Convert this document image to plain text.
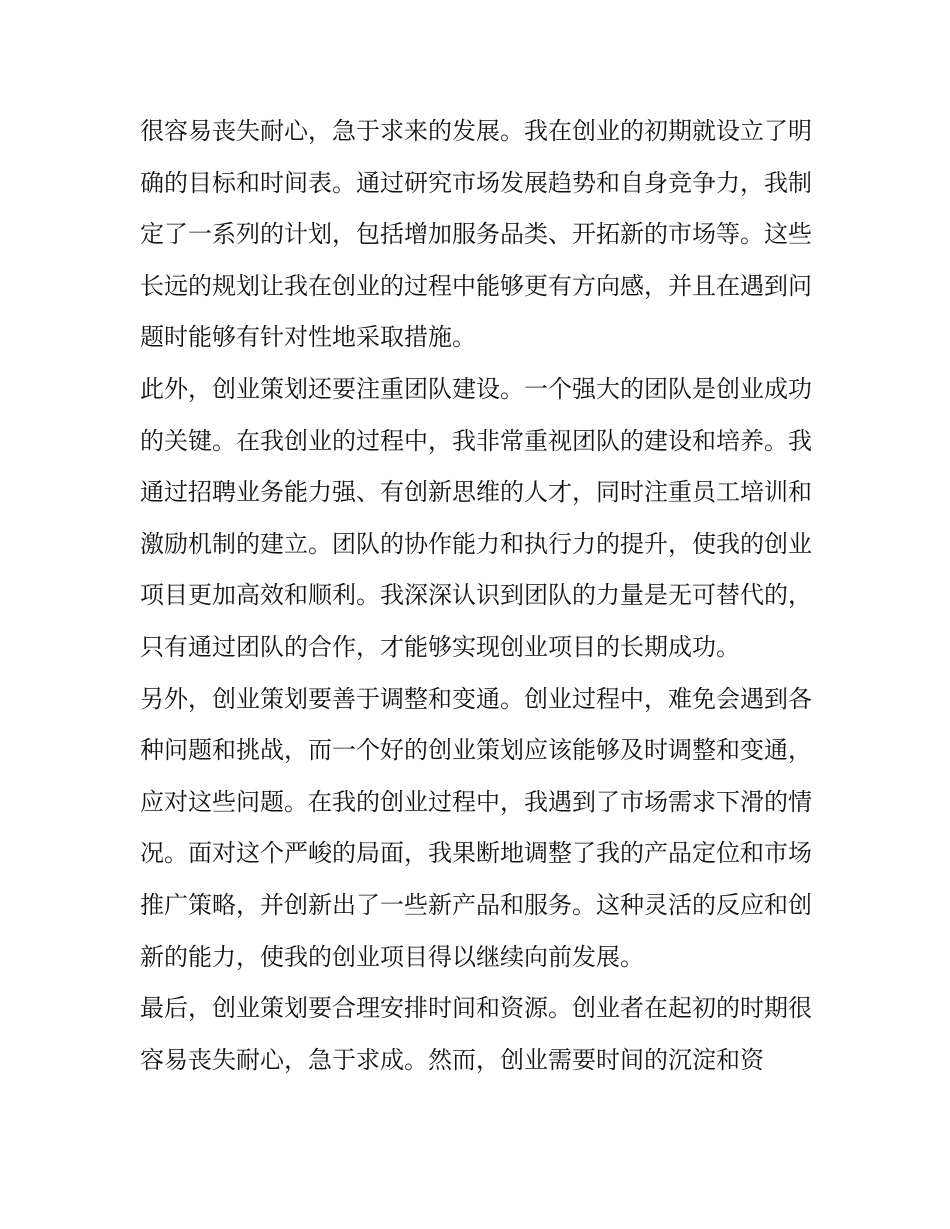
很容易丧失耐心，急于求来的发展。我在创业的初期就设立了明确的目标和时间表。通过研究市场发展趋势和自身竞争力，我制定了一系列的计划，包括增加服务品类、开拓新的市场等。这些长远的规划让我在创业的过程中能够更有方向感，并且在遇到问题时能够有针对性地采取措施。

此外，创业策划还要注重团队建设。一个强大的团队是创业成功的关键。在我创业的过程中，我非常重视团队的建设和培养。我通过招聘业务能力强、有创新思维的人才，同时注重员工培训和激励机制的建立。团队的协作能力和执行力的提升，使我的创业项目更加高效和顺利。我深深认识到团队的力量是无可替代的，只有通过团队的合作，才能够实现创业项目的长期成功。

另外，创业策划要善于调整和变通。创业过程中，难免会遇到各种问题和挑战，而一个好的创业策划应该能够及时调整和变通，应对这些问题。在我的创业过程中，我遇到了市场需求下滑的情况。面对这个严峻的局面，我果断地调整了我的产品定位和市场推广策略，并创新出了一些新产品和服务。这种灵活的反应和创新的能力，使我的创业项目得以继续向前发展。

最后，创业策划要合理安排时间和资源。创业者在起初的时期很容易丧失耐心，急于求成。然而，创业需要时间的沉淀和资
